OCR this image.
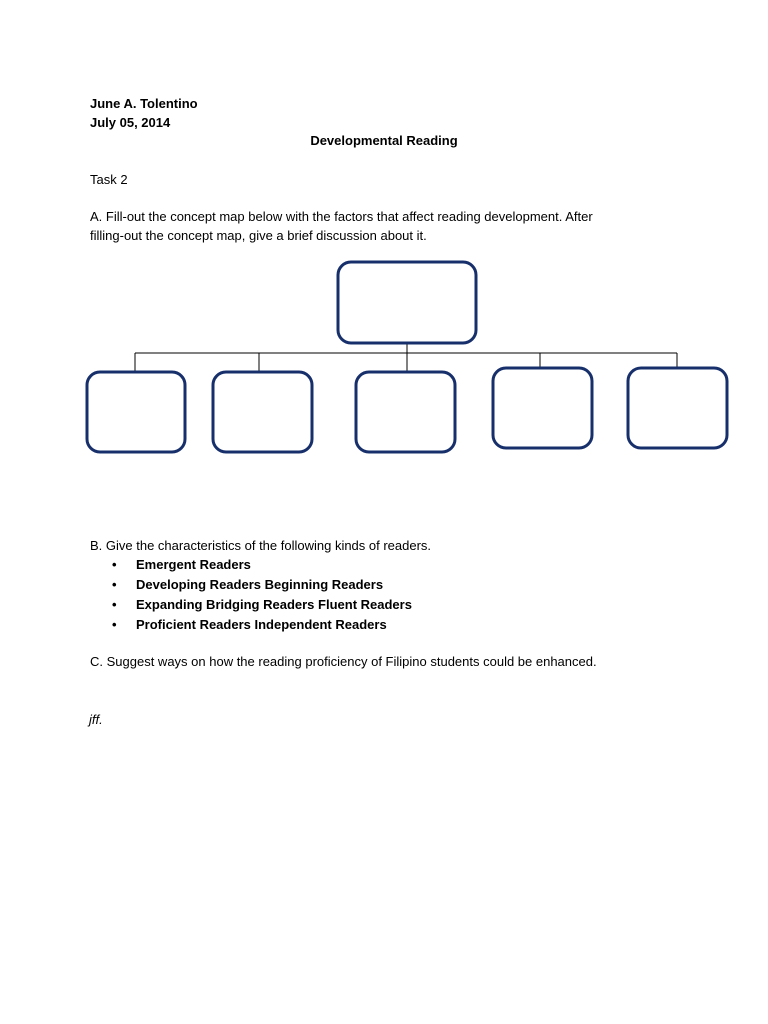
June A. Tolentino
July 05, 2014
Developmental Reading
Task 2
A. Fill-out the concept map below with the factors that affect reading development. After
filling-out the concept map, give a brief discussion about it.
B. Give the characteristics of the following kinds of readers.
• Emergent Readers
• Developing Readers Beginning Readers
• Expanding Bridging Readers Fluent Readers
• Proficient Readers Independent Readers
C. Suggest ways on how the reading proficiency of Filipino students could be enhanced.
jff.
